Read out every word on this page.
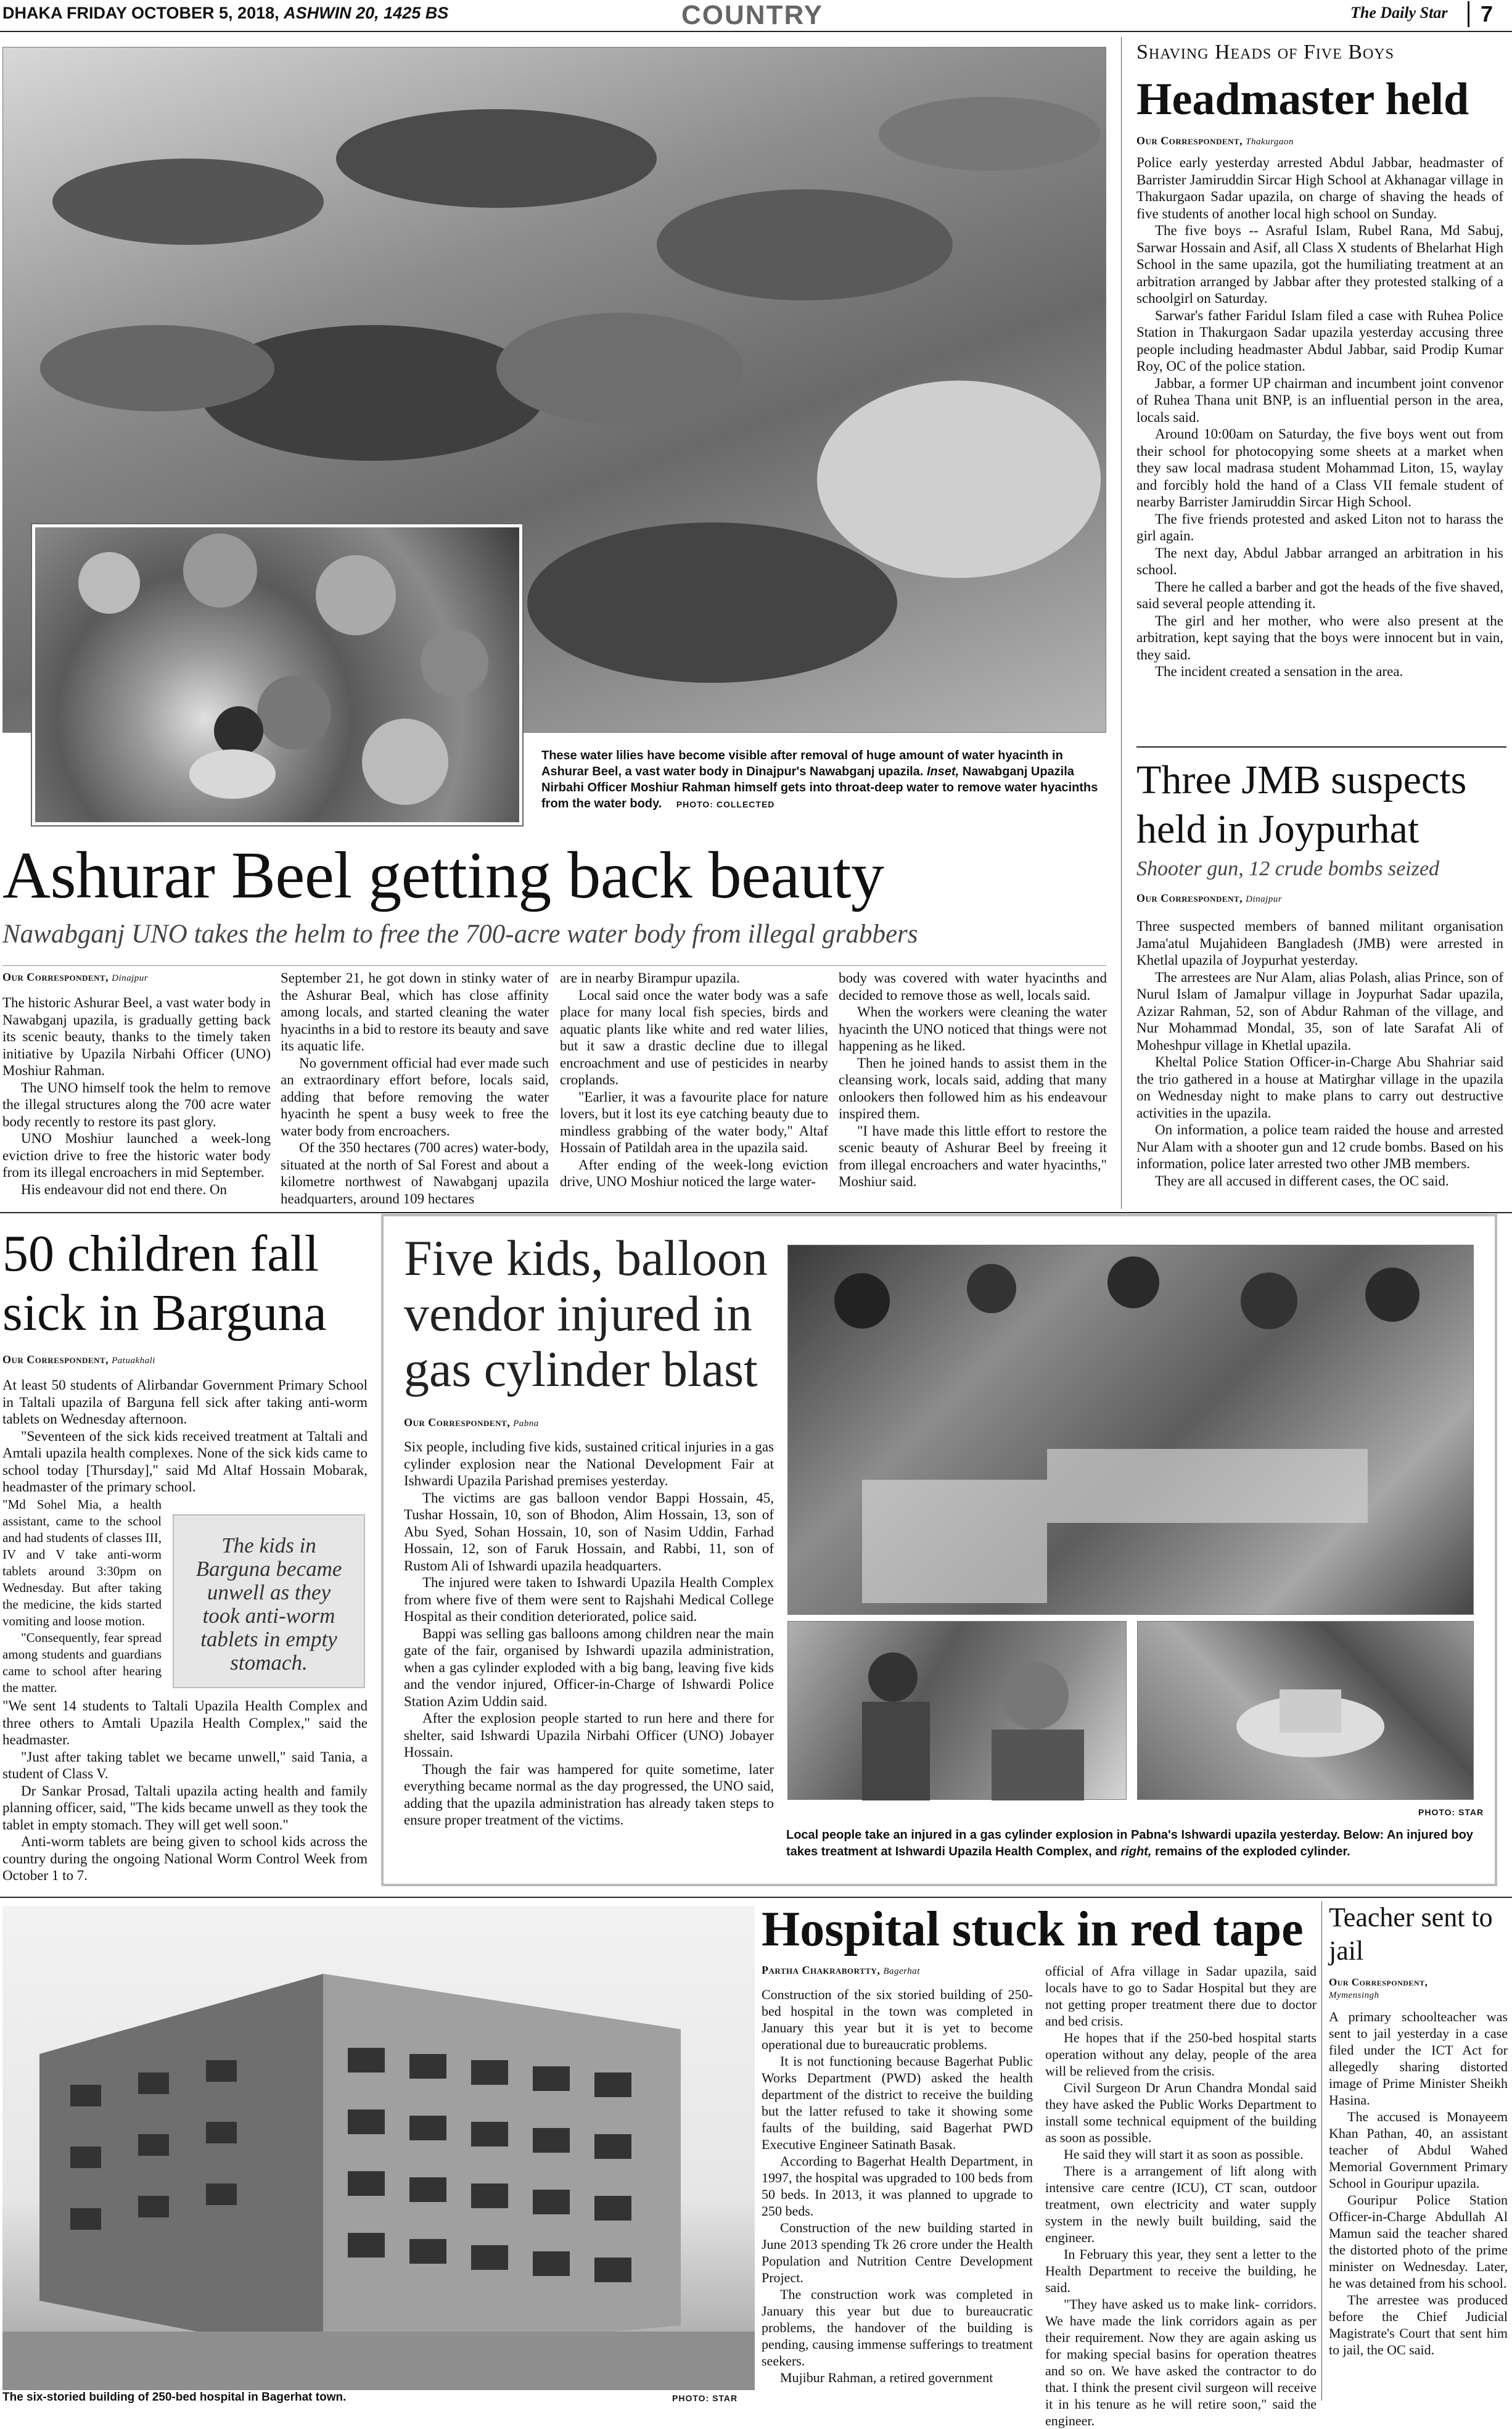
DHAKA FRIDAY OCTOBER 5, 2018, ASHWIN 20, 1425 BS	COUNTRY	The Daily Star	7
These water lilies have become visible after removal of huge amount of water hyacinth in Ashurar Beel, a vast water body in Dinajpur's Nawabganj upazila. Inset, Nawabganj Upazila Nirbahi Officer Moshiur Rahman himself gets into throat-deep water to remove water hyacinths from the water body. PHOTO: COLLECTED
Ashurar Beel getting back beauty
Nawabganj UNO takes the helm to free the 700-acre water body from illegal grabbers
Our Correspondent, Dinajpur

The historic Ashurar Beel, a vast water body in Nawabganj upazila, is gradually getting back its scenic beauty, thanks to the timely taken initiative by Upazila Nirbahi Officer (UNO) Moshiur Rahman.

The UNO himself took the helm to remove the illegal structures along the 700 acre water body recently to restore its past glory.

UNO Moshiur launched a week-long eviction drive to free the historic water body from its illegal encroachers in mid September.

His endeavour did not end there. On

September 21, he got down in stinky water of the Ashurar Beal, which has close affinity among locals, and started cleaning the water hyacinths in a bid to restore its beauty and save its aquatic life.

No government official had ever made such an extraordinary effort before, locals said, adding that before removing the water hyacinth he spent a busy week to free the water body from encroachers.

Of the 350 hectares (700 acres) water-body, situated at the north of Sal Forest and about a kilometre northwest of Nawabganj upazila headquarters, around 109 hectares

are in nearby Birampur upazila.

Local said once the water body was a safe place for many local fish species, birds and aquatic plants like white and red water lilies, but it saw a drastic decline due to illegal encroachment and use of pesticides in nearby croplands.

"Earlier, it was a favourite place for nature lovers, but it lost its eye catching beauty due to mindless grabbing of the water body," Altaf Hossain of Patildah area in the upazila said.

After ending of the week-long eviction drive, UNO Moshiur noticed the large water-

body was covered with water hyacinths and decided to remove those as well, locals said.

When the workers were cleaning the water hyacinth the UNO noticed that things were not happening as he liked.

Then he joined hands to assist them in the cleansing work, locals said, adding that many onlookers then followed him as his endeavour inspired them.

"I have made this little effort to restore the scenic beauty of Ashurar Beel by freeing it from illegal encroachers and water hyacinths," Moshiur said.

Shaving Heads of Five Boys
Headmaster held
Our Correspondent, Thakurgaon

Police early yesterday arrested Abdul Jabbar, headmaster of Barrister Jamiruddin Sircar High School at Akhanagar village in Thakurgaon Sadar upazila, on charge of shaving the heads of five students of another local high school on Sunday.

The five boys -- Asraful Islam, Rubel Rana, Md Sabuj, Sarwar Hossain and Asif, all Class X students of Bhelarhat High School in the same upazila, got the humiliating treatment at an arbitration arranged by Jabbar after they protested stalking of a schoolgirl on Saturday.

Sarwar's father Faridul Islam filed a case with Ruhea Police Station in Thakurgaon Sadar upazila yesterday accusing three people including headmaster Abdul Jabbar, said Prodip Kumar Roy, OC of the police station.

Jabbar, a former UP chairman and incumbent joint convenor of Ruhea Thana unit BNP, is an influential person in the area, locals said.

Around 10:00am on Saturday, the five boys went out from their school for photocopying some sheets at a market when they saw local madrasa student Mohammad Liton, 15, waylay and forcibly hold the hand of a Class VII female student of nearby Barrister Jamiruddin Sircar High School.

The five friends protested and asked Liton not to harass the girl again.

The next day, Abdul Jabbar arranged an arbitration in his school.

There he called a barber and got the heads of the five shaved, said several people attending it.

The girl and her mother, who were also present at the arbitration, kept saying that the boys were innocent but in vain, they said.

The incident created a sensation in the area.

Three JMB suspects held in Joypurhat
Shooter gun, 12 crude bombs seized
Our Correspondent, Dinajpur

Three suspected members of banned militant organisation Jama'atul Mujahideen Bangladesh (JMB) were arrested in Khetlal upazila of Joypurhat yesterday.

The arrestees are Nur Alam, alias Polash, alias Prince, son of Nurul Islam of Jamalpur village in Joypurhat Sadar upazila, Azizar Rahman, 52, son of Abdur Rahman of the village, and Nur Mohammad Mondal, 35, son of late Sarafat Ali of Moheshpur village in Khetlal upazila.

Kheltal Police Station Officer-in-Charge Abu Shahriar said the trio gathered in a house at Matirghar village in the upazila on Wednesday night to make plans to carry out destructive activities in the upazila.

On information, a police team raided the house and arrested Nur Alam with a shooter gun and 12 crude bombs. Based on his information, police later arrested two other JMB members.

They are all accused in different cases, the OC said.

50 children fall sick in Barguna
Our Correspondent, Patuakhali

At least 50 students of Alirbandar Government Primary School in Taltali upazila of Barguna fell sick after taking anti-worm tablets on Wednesday afternoon.

"Seventeen of the sick kids received treatment at Taltali and Amtali upazila health complexes. None of the sick kids came to school today [Thursday]," said Md Altaf Hossain Mobarak, headmaster of the primary school.

"Md Sohel Mia, a health assistant, came to the school and had students of classes III, IV and V take anti-worm tablets around 3:30pm on Wednesday. But after taking the medicine, the kids started vomiting and loose motion.

"Consequently, fear spread among students and guardians came to school after hearing the matter.

The kids in Barguna became unwell as they took anti-worm tablets in empty stomach.

"We sent 14 students to Taltali Upazila Health Complex and three others to Amtali Upazila Health Complex," said the headmaster.

"Just after taking tablet we became unwell," said Tania, a student of Class V.

Dr Sankar Prosad, Taltali upazila acting health and family planning officer, said, "The kids became unwell as they took the tablet in empty stomach. They will get well soon."

Anti-worm tablets are being given to school kids across the country during the ongoing National Worm Control Week from October 1 to 7.

Five kids, balloon vendor injured in gas cylinder blast
Our Correspondent, Pabna

Six people, including five kids, sustained critical injuries in a gas cylinder explosion near the National Development Fair at Ishwardi Upazila Parishad premises yesterday.

The victims are gas balloon vendor Bappi Hossain, 45, Tushar Hossain, 10, son of Bhodon, Alim Hossain, 13, son of Abu Syed, Sohan Hossain, 10, son of Nasim Uddin, Farhad Hossain, 12, son of Faruk Hossain, and Rabbi, 11, son of Rustom Ali of Ishwardi upazila headquarters.

The injured were taken to Ishwardi Upazila Health Complex from where five of them were sent to Rajshahi Medical College Hospital as their condition deteriorated, police said.

Bappi was selling gas balloons among children near the main gate of the fair, organised by Ishwardi upazila administration, when a gas cylinder exploded with a big bang, leaving five kids and the vendor injured, Officer-in-Charge of Ishwardi Police Station Azim Uddin said.

After the explosion people started to run here and there for shelter, said Ishwardi Upazila Nirbahi Officer (UNO) Jobayer Hossain.

Though the fair was hampered for quite sometime, later everything became normal as the day progressed, the UNO said, adding that the upazila administration has already taken steps to ensure proper treatment of the victims.	PHOTO: STAR
Local people take an injured in a gas cylinder explosion in Pabna's Ishwardi upazila yesterday. Below: An injured boy takes treatment at Ishwardi Upazila Health Complex, and right, remains of the exploded cylinder.
The six-storied building of 250-bed hospital in Bagerhat town.	PHOTO: STAR
Hospital stuck in red tape
Partha Chakrabortty, Bagerhat

Construction of the six storied building of 250-bed hospital in the town was completed in January this year but it is yet to become operational due to bureaucratic problems.

It is not functioning because Bagerhat Public Works Department (PWD) asked the health department of the district to receive the building but the latter refused to take it showing some faults of the building, said Bagerhat PWD Executive Engineer Satinath Basak.

According to Bagerhat Health Department, in 1997, the hospital was upgraded to 100 beds from 50 beds. In 2013, it was planned to upgrade to 250 beds.

Construction of the new building started in June 2013 spending Tk 26 crore under the Health Population and Nutrition Centre Development Project.

The construction work was completed in January this year but due to bureaucratic problems, the handover of the building is pending, causing immense sufferings to treatment seekers.

Mujibur Rahman, a retired government

official of Afra village in Sadar upazila, said locals have to go to Sadar Hospital but they are not getting proper treatment there due to doctor and bed crisis.

He hopes that if the 250-bed hospital starts operation without any delay, people of the area will be relieved from the crisis.

Civil Surgeon Dr Arun Chandra Mondal said they have asked the Public Works Department to install some technical equipment of the building as soon as possible.

He said they will start it as soon as possible.

There is a arrangement of lift along with intensive care centre (ICU), CT scan, outdoor treatment, own electricity and water supply system in the newly built building, said the engineer.

In February this year, they sent a letter to the Health Department to receive the building, he said.

"They have asked us to make link- corridors. We have made the link corridors again as per their requirement. Now they are again asking us for making special basins for operation theatres and so on. We have asked the contractor to do that. I think the present civil surgeon will receive it in his tenure as he will retire soon," said the engineer.

Teacher sent to jail
Our Correspondent,
Mymensingh

A primary schoolteacher was sent to jail yesterday in a case filed under the ICT Act for allegedly sharing distorted image of Prime Minister Sheikh Hasina.

The accused is Monayeem Khan Pathan, 40, an assistant teacher of Abdul Wahed Memorial Government Primary School in Gouripur upazila.

Gouripur Police Station Officer-in-Charge Abdullah Al Mamun said the teacher shared the distorted photo of the prime minister on Wednesday. Later, he was detained from his school.

The arrestee was produced before the Chief Judicial Magistrate's Court that sent him to jail, the OC said.
